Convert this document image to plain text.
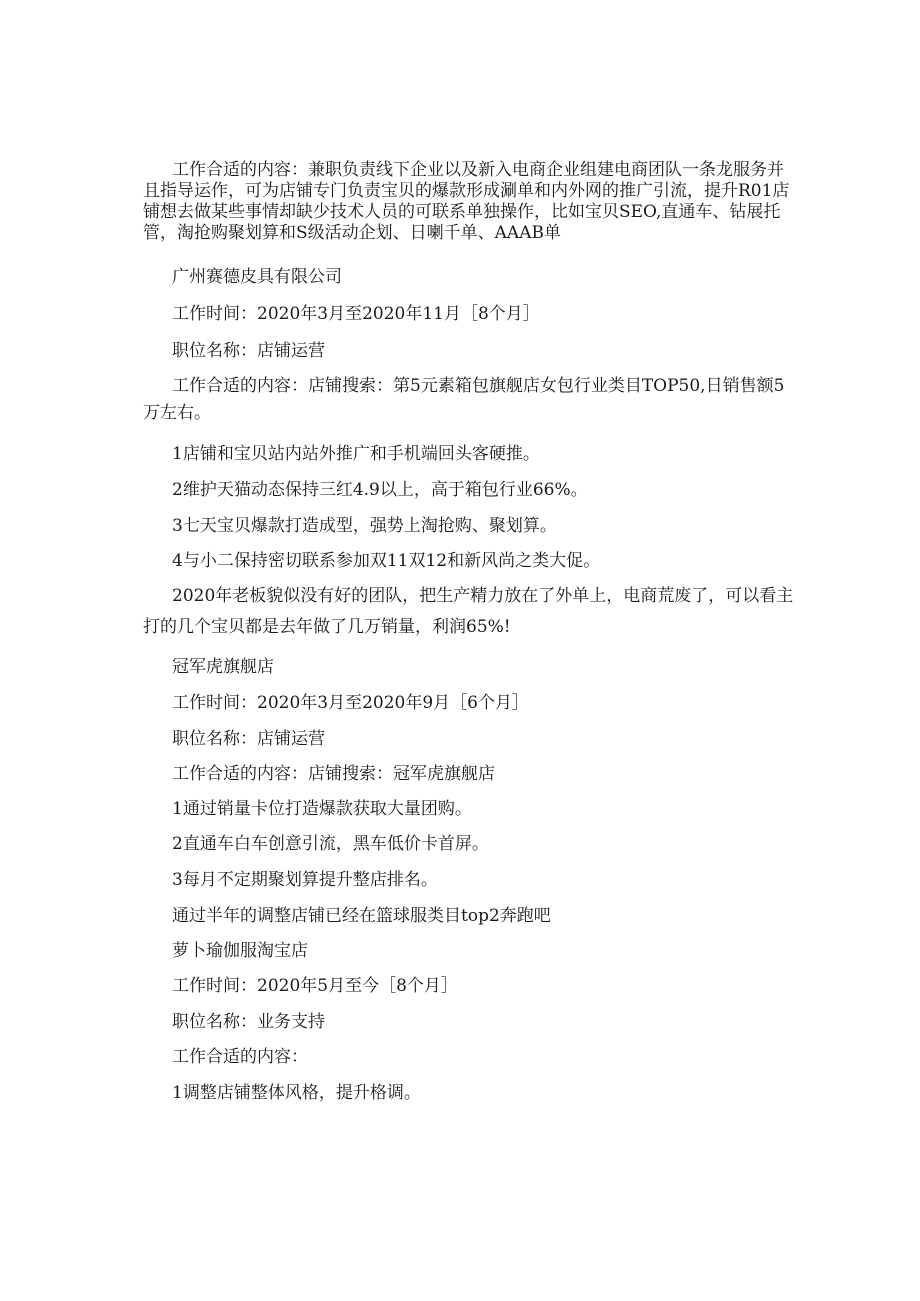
工作合适的内容：兼职负责线下企业以及新入电商企业组建电商团队一条龙服务并
且指导运作，可为店铺专门负责宝贝的爆款形成涮单和内外网的推广引流，提升R01店
铺想去做某些事情却缺少技术人员的可联系单独操作，比如宝贝SEO,直通车、钻展托
管，淘抢购聚划算和S级活动企划、日喇千单、AAAB单
广州赛德皮具有限公司
工作时间：2020年3月至2020年11月［8个月］
职位名称：店铺运营
工作合适的内容：店铺搜索：第5元素箱包旗舰店女包行业类目TOP50,日销售额5
万左右。
1店铺和宝贝站内站外推广和手机端回头客硬推。
2维护天猫动态保持三红4.9以上，高于箱包行业66%。
3七天宝贝爆款打造成型，强势上淘抢购、聚划算。
4与小二保持密切联系参加双11双12和新风尚之类大促。
2020年老板貌似没有好的团队，把生产精力放在了外单上，电商荒废了，可以看主
打的几个宝贝都是去年做了几万销量，利润65%!
冠军虎旗舰店
工作时间：2020年3月至2020年9月［6个月］
职位名称：店铺运营
工作合适的内容：店铺搜索：冠军虎旗舰店
1通过销量卡位打造爆款获取大量团购。
2直通车白车创意引流，黑车低价卡首屏。
3每月不定期聚划算提升整店排名。
通过半年的调整店铺已经在篮球服类目top2奔跑吧
萝卜瑜伽服淘宝店
工作时间：2020年5月至今［8个月］
职位名称：业务支持
工作合适的内容：
1调整店铺整体风格，提升格调。
